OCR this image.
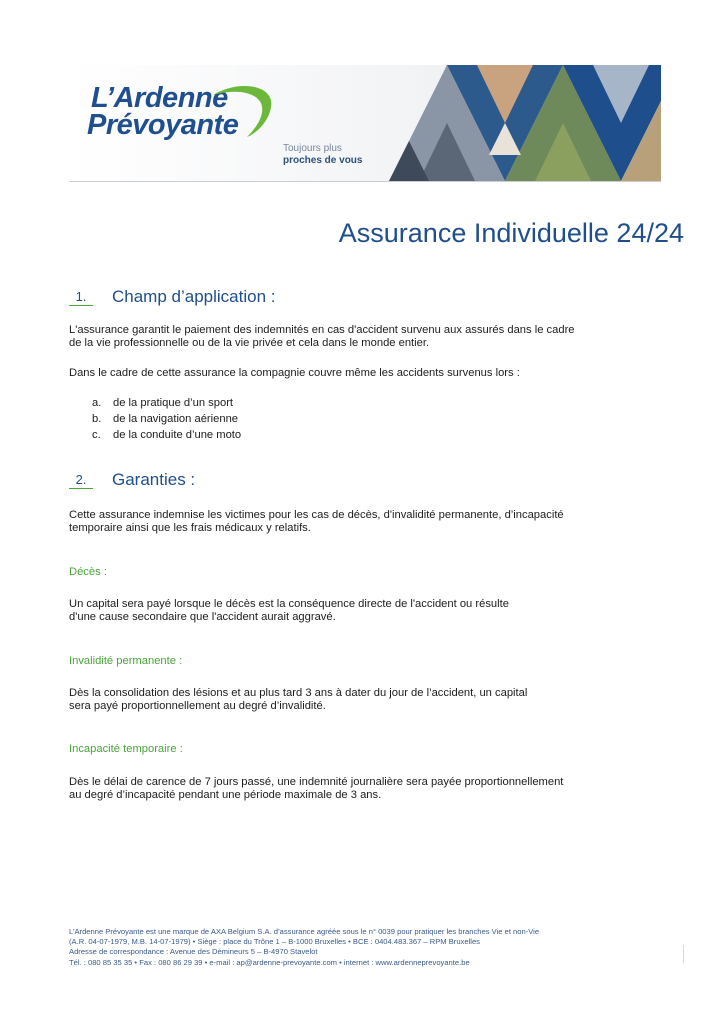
L’Ardenne
Prévoyante
Toujours plus
proches de vous
Assurance Individuelle 24/24
1.	Champ d’application :
L'assurance garantit le paiement des indemnités en cas d'accident survenu aux assurés dans le cadre
de la vie professionnelle ou de la vie privée et cela dans le monde entier.
Dans le cadre de cette assurance la compagnie couvre même les accidents survenus lors :
a.	de la pratique d’un sport
b.	de la navigation aérienne
c.	de la conduite d’une moto
2.	Garanties :
Cette assurance indemnise les victimes pour les cas de décès, d'invalidité permanente, d’incapacité
temporaire ainsi que les frais médicaux y relatifs.
Décès :
Un capital sera payé lorsque le décès est la conséquence directe de l'accident ou résulte
d'une cause secondaire que l'accident aurait aggravé.
Invalidité permanente :
Dès la consolidation des lésions et au plus tard 3 ans à dater du jour de l’accident, un capital
sera payé proportionnellement au degré d’invalidité.
Incapacité temporaire :
Dès le délai de carence de 7 jours passé, une indemnité journalière sera payée proportionnellement
au degré d’incapacité pendant une période maximale de 3 ans.
L’Ardenne Prévoyante est une marque de AXA Belgium S.A. d’assurance agréée sous le n° 0039 pour pratiquer les branches Vie et non-Vie
(A.R. 04-07-1979, M.B. 14-07-1979) • Siège : place du Trône 1 – B-1000 Bruxelles • BCE : 0404.483.367 – RPM Bruxelles
Adresse de correspondance : Avenue des Démineurs 5 – B-4970 Stavelot
Tél. : 080 85 35 35 • Fax : 080 86 29 39 • e-mail : ap@ardenne-prevoyante.com • internet : www.ardenneprevoyante.be
